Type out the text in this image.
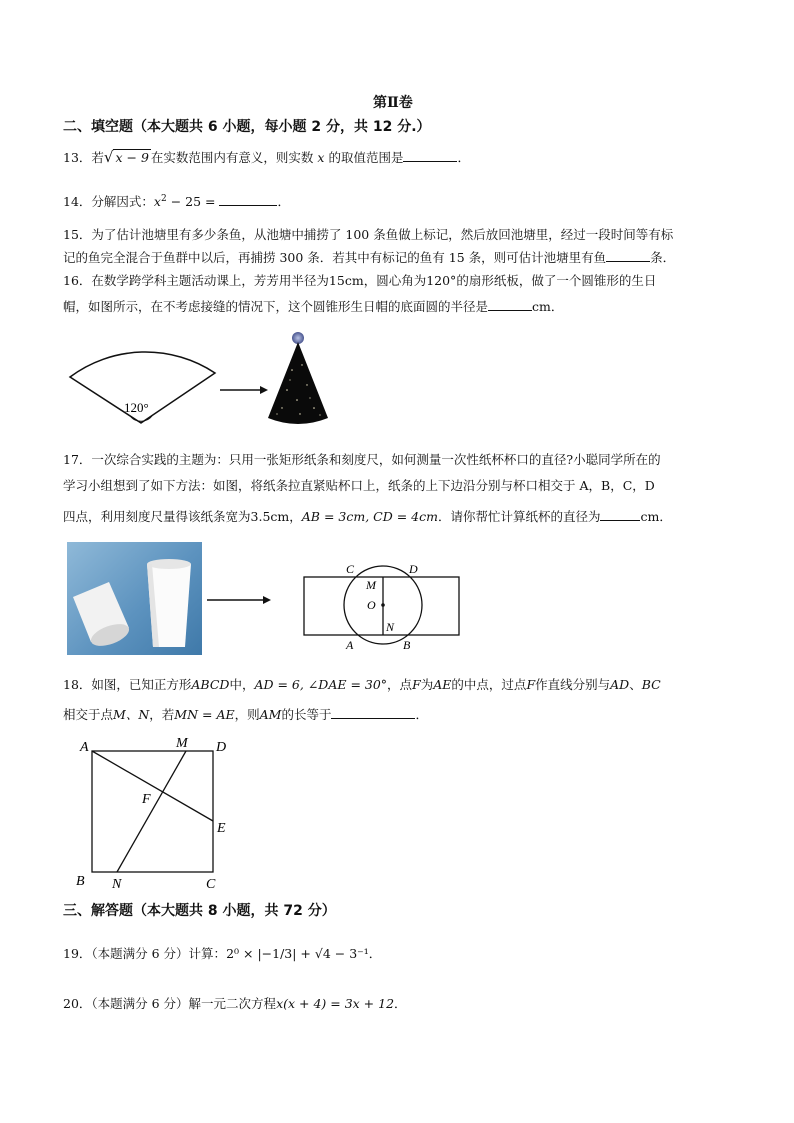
第Ⅱ卷
二、填空题（本大题共 6 小题，每小题 2 分，共 12 分.）
13．若√ x − 9 在实数范围内有意义，则实数 x 的取值范围是	．
14．分解因式：$x^2 - 25$ =	．
15．为了估计池塘里有多少条鱼，从池塘中捕捞了 100 条鱼做上标记，然后放回池塘里，经过一段时间等有标
记的鱼完全混合于鱼群中以后，再捕捞 300 条．若其中有标记的鱼有 15 条，则可估计池塘里有鱼	条．
16．在数学跨学科主题活动课上，芳芳用半径为15cm，圆心角为120°的扇形纸板，做了一个圆锥形的生日
帽，如图所示，在不考虑接缝的情况下，这个圆锥形生日帽的底面圆的半径是	cm．
120°
17．一次综合实践的主题为：只用一张矩形纸条和刻度尺，如何测量一次性纸杯杯口的直径?小聪同学所在的
学习小组想到了如下方法：如图，将纸条拉直紧贴杯口上，纸条的上下边沿分别与杯口相交于 A，B，C，D
四点，利用刻度尺量得该纸条宽为3.5cm，AB = 3cm, CD = 4cm．请你帮忙计算纸杯的直径为	cm．
C	D
M
O
N
A	B
18．如图，已知正方形ABCD中，AD = 6, ∠DAE = 30°，点F为AE的中点，过点F作直线分别与AD、BC
相交于点M、N，若MN = AE，则AM的长等于	．
A	M D
F
E
B N	C
三、解答题（本大题共 8 小题，共 72 分）
19．（本题满分 6 分）计算：2⁰ × |−1/3| + √4 − 3⁻¹．
20．（本题满分 6 分）解一元二次方程x(x + 4) = 3x + 12．
